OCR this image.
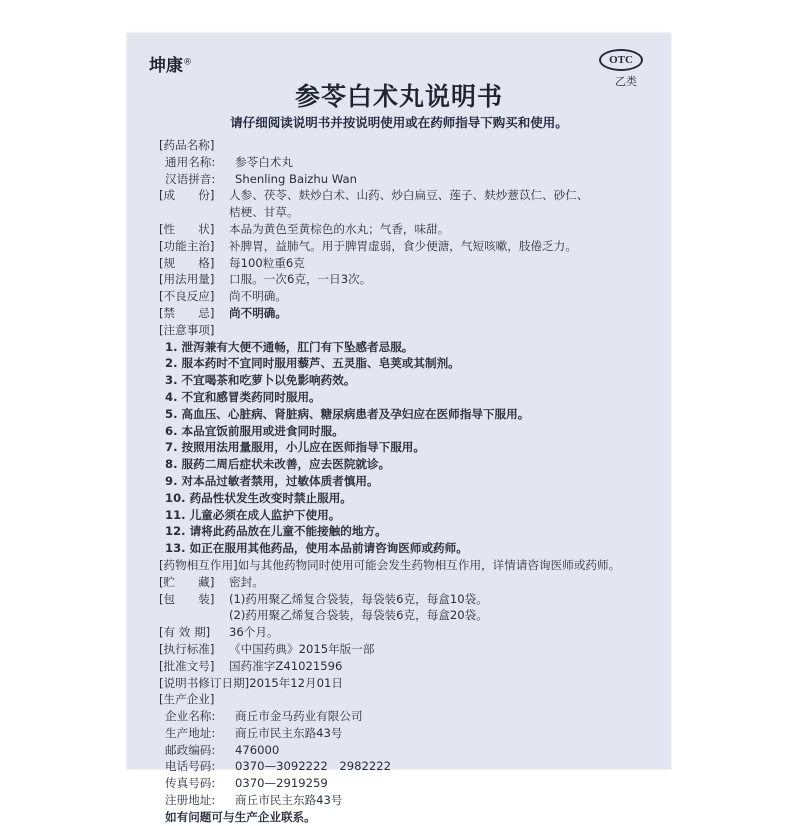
坤康®	OTC
乙类
参苓白术丸说明书
请仔细阅读说明书并按说明使用或在药师指导下购买和使用。
[药品名称]
通用名称:	参苓白术丸
汉语拼音:	Shenling Baizhu Wan
[成　　份]	人参、茯苓、麸炒白术、山药、炒白扁豆、莲子、麸炒薏苡仁、砂仁、
桔梗、甘草。
[性　　状]	本品为黄色至黄棕色的水丸；气香，味甜。
[功能主治]	补脾胃，益肺气。用于脾胃虚弱，食少便溏，气短咳嗽，肢倦乏力。
[规　　格]	每100粒重6克
[用法用量]	口服。一次6克，一日3次。
[不良反应]	尚不明确。
[禁　　忌]	尚不明确。
[注意事项]
1. 泄泻兼有大便不通畅，肛门有下坠感者忌服。
2. 服本药时不宜同时服用藜芦、五灵脂、皂荚或其制剂。
3. 不宜喝茶和吃萝卜以免影响药效。
4. 不宜和感冒类药同时服用。
5. 高血压、心脏病、肾脏病、糖尿病患者及孕妇应在医师指导下服用。
6. 本品宜饭前服用或进食同时服。
7. 按照用法用量服用，小儿应在医师指导下服用。
8. 服药二周后症状未改善，应去医院就诊。
9. 对本品过敏者禁用，过敏体质者慎用。
10. 药品性状发生改变时禁止服用。
11. 儿童必须在成人监护下使用。
12. 请将此药品放在儿童不能接触的地方。
13. 如正在服用其他药品，使用本品前请咨询医师或药师。
[药物相互作用] 如与其他药物同时使用可能会发生药物相互作用，详情请咨询医师或药师。
[贮　　藏]	密封。
[包　　装]	(1)药用聚乙烯复合袋装，每袋装6克，每盒10袋。
(2)药用聚乙烯复合袋装，每袋装6克，每盒20袋。
[有 效 期]	36个月。
[执行标准]	《中国药典》2015年版一部
[批准文号]	国药准字Z41021596
[说明书修订日期] 2015年12月01日
[生产企业]
企业名称:	商丘市金马药业有限公司
生产地址:	商丘市民主东路43号
邮政编码:	476000
电话号码:	0370—3092222　2982222
传真号码:	0370—2919259
注册地址:	商丘市民主东路43号
如有问题可与生产企业联系。
